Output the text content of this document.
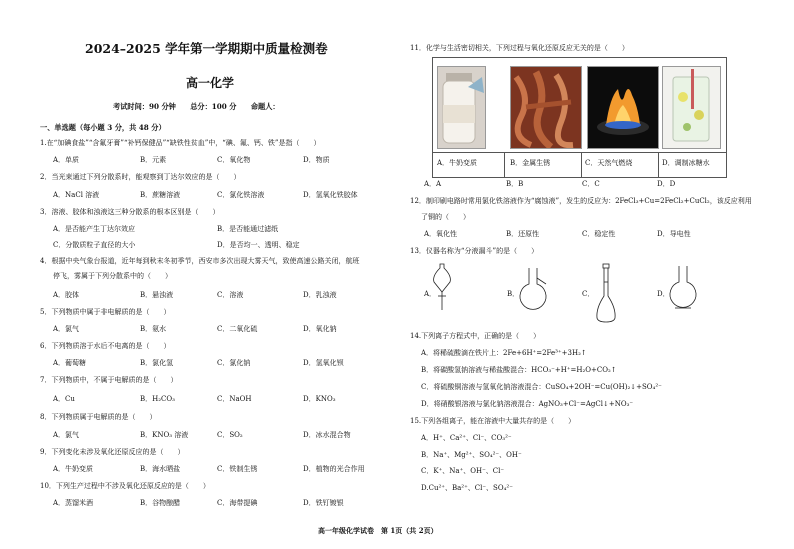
2024–2025 学年第一学期期中质量检测卷
高一化学
考试时间：90 分钟　　总分：100 分　　命题人：
一、单选题（每小题 3 分，共 48 分）
1.在“加碘食盐”“含氟牙膏”“补钙保健品”“缺铁性贫血”中，“碘、氟、钙、铁”是指（　　）
A．单质	B．元素	C．氧化物	D．物质
2．当光束通过下列分散系时，能观察到丁达尔效应的是（　　）
A．NaCl 溶液	B．蔗糖溶液	C．氯化铁溶液	D．氢氧化铁胶体
3．溶液、胶体和浊液这三种分散系的根本区别是（　　）
A．是否能产生丁达尔效应	B．是否能通过滤纸
C．分散质粒子直径的大小	D．是否均一、透明、稳定
4．根据中央气象台报道，近年每到秋末冬初季节，西安市多次出现大雾天气，致使高速公路关闭，航班
停飞，雾属于下列分散系中的（　　）
A．胶体	B．悬浊液	C．溶液	D．乳浊液
5．下列物质中属于非电解质的是（　　）
A．氯气	B．氨水	C．二氧化硫	D．氧化钠
6．下列物质溶于水后不电离的是（　　）
A．葡萄糖	B．氯化氢	C．氯化钠	D．氢氧化钡
7．下列物质中，不属于电解质的是（　　）
A．Cu	B．H₂CO₃	C．NaOH	D．KNO₃
8．下列物质属于电解质的是（　　）
A．氯气	B．KNO₃ 溶液	C．SO₂	D．冰水混合物
9．下列变化未涉及氧化还原反应的是（　　）
A．牛奶变质	B．海水晒盐	C．铁制生锈	D．植物的光合作用
10．下列生产过程中不涉及氧化还原反应的是（　　）
A．蒸馏米酒	B．谷物酿醋	C．海带提碘	D．铁钉镀银
11．化学与生活密切相关，下列过程与氧化还原反应无关的是（　　）
A．牛奶变质	B．金属生锈	C．天然气燃烧	D．调制冰糖水
A．A	B．B	C．C	D．D
12．制印刷电路时常用氯化铁溶液作为“腐蚀液”，发生的反应为：2FeCl₃+Cu=2FeCl₂+CuCl₂，该反应利用
了铜的（　　）
A．氧化性	B．还原性	C．稳定性	D．导电性
13．仪器名称为“分液漏斗”的是（　　）
A．	B．	C．	D．
14.下列离子方程式中，正确的是（　　）
A．将稀硫酸滴在铁片上：2Fe+6H⁺=2Fe³⁺+3H₂↑
B．将碳酸氢钠溶液与稀盐酸混合：HCO₃⁻+H⁺=H₂O+CO₂↑
C．将硫酸铜溶液与氢氧化钠溶液混合：CuSO₄+2OH⁻=Cu(OH)₂↓+SO₄²⁻
D．将硝酸银溶液与氯化钠溶液混合：AgNO₃+Cl⁻=AgCl↓+NO₃⁻
15.下列各组离子，能在溶液中大量共存的是（　　）
A．H⁺、Ca²⁺、Cl⁻、CO₃²⁻
B．Na⁺、Mg²⁺、SO₄²⁻、OH⁻
C．K⁺、Na⁺、OH⁻、Cl⁻
D.Cu²⁺、Ba²⁺、Cl⁻、SO₄²⁻
高一年级化学试卷　第 1页（共 2页）
